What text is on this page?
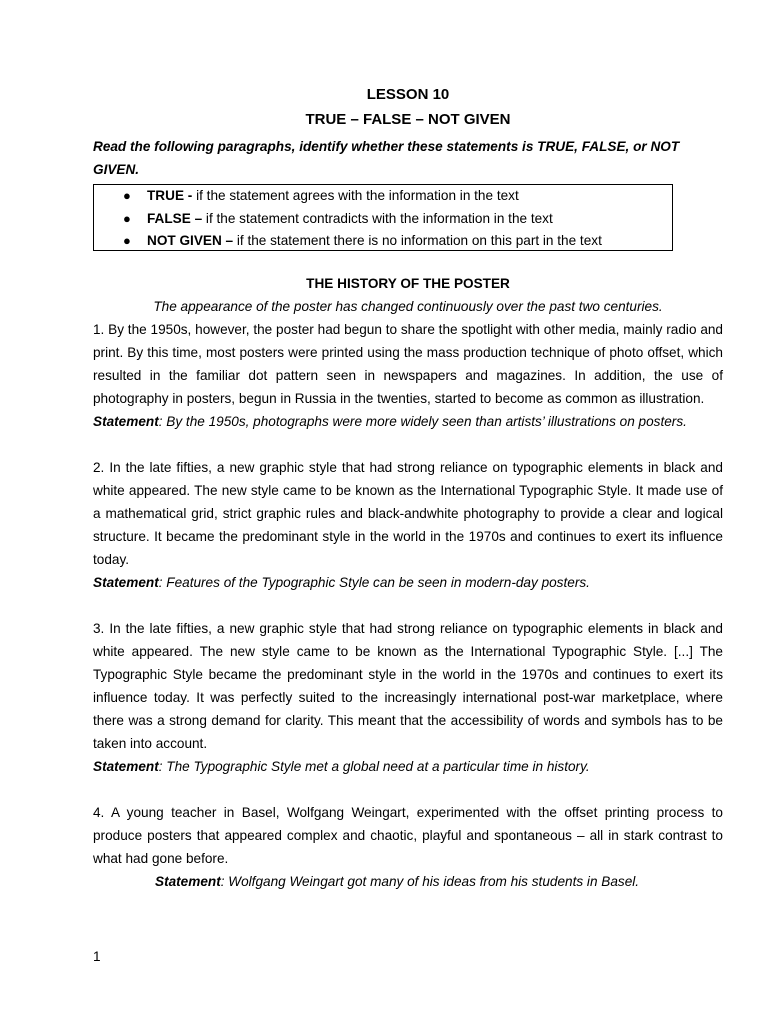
LESSON 10

TRUE – FALSE – NOT GIVEN

Read the following paragraphs, identify whether these statements is TRUE, FALSE, or NOT GIVEN.

● TRUE - if the statement agrees with the information in the text
● FALSE – if the statement contradicts with the information in the text
● NOT GIVEN – if the statement there is no information on this part in the text

THE HISTORY OF THE POSTER

The appearance of the poster has changed continuously over the past two centuries.

1. By the 1950s, however, the poster had begun to share the spotlight with other media, mainly radio and print. By this time, most posters were printed using the mass production technique of photo offset, which resulted in the familiar dot pattern seen in newspapers and magazines. In addition, the use of photography in posters, begun in Russia in the twenties, started to become as common as illustration.

Statement: By the 1950s, photographs were more widely seen than artists’ illustrations on posters.

2. In the late fifties, a new graphic style that had strong reliance on typographic elements in black and white appeared. The new style came to be known as the International Typographic Style. It made use of a mathematical grid, strict graphic rules and black-andwhite photography to provide a clear and logical structure. It became the predominant style in the world in the 1970s and continues to exert its influence today.

Statement: Features of the Typographic Style can be seen in modern-day posters.

3. In the late fifties, a new graphic style that had strong reliance on typographic elements in black and white appeared. The new style came to be known as the International Typographic Style. [...] The Typographic Style became the predominant style in the world in the 1970s and continues to exert its influence today. It was perfectly suited to the increasingly international post-war marketplace, where there was a strong demand for clarity. This meant that the accessibility of words and symbols has to be taken into account.

Statement: The Typographic Style met a global need at a particular time in history.

4. A young teacher in Basel, Wolfgang Weingart, experimented with the offset printing process to produce posters that appeared complex and chaotic, playful and spontaneous – all in stark contrast to what had gone before.

Statement: Wolfgang Weingart got many of his ideas from his students in Basel.

1
